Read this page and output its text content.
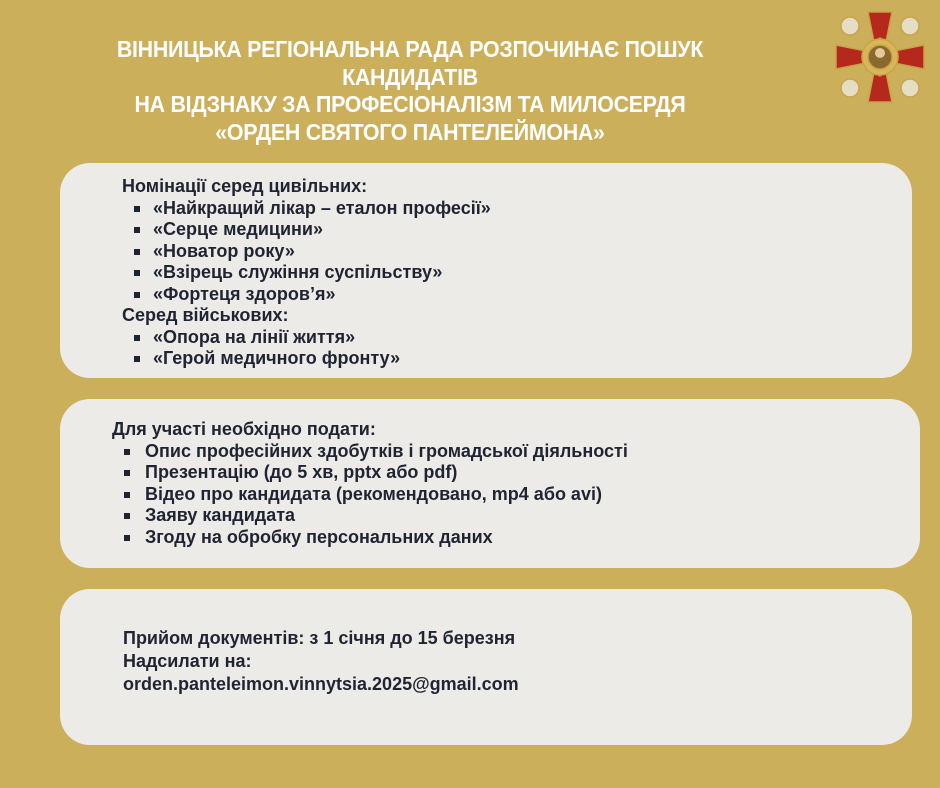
ВІННИЦЬКА РЕГІОНАЛЬНА РАДА РОЗПОЧИНАЄ ПОШУК
КАНДИДАТІВ
НА ВІДЗНАКУ ЗА ПРОФЕСІОНАЛІЗМ ТА МИЛОСЕРДЯ
«ОРДЕН СВЯТОГО ПАНТЕЛЕЙМОНА»
Номінації серед цивільних:
«Найкращий лікар – еталон професії»
«Серце медицини»
«Новатор року»
«Взірець служіння суспільству»
«Фортеця здоров’я»
Серед військових:
«Опора на лінії життя»
«Герой медичного фронту»
Для участі необхідно подати:
Опис професійних здобутків і громадської діяльності
Презентацію (до 5 хв, pptx або pdf)
Відео про кандидата (рекомендовано, mp4 або avi)
Заяву кандидата
Згоду на обробку персональних даних
Прийом документів: з 1 січня до 15 березня
Надсилати на:
orden.panteleimon.vinnytsia.2025@gmail.com
